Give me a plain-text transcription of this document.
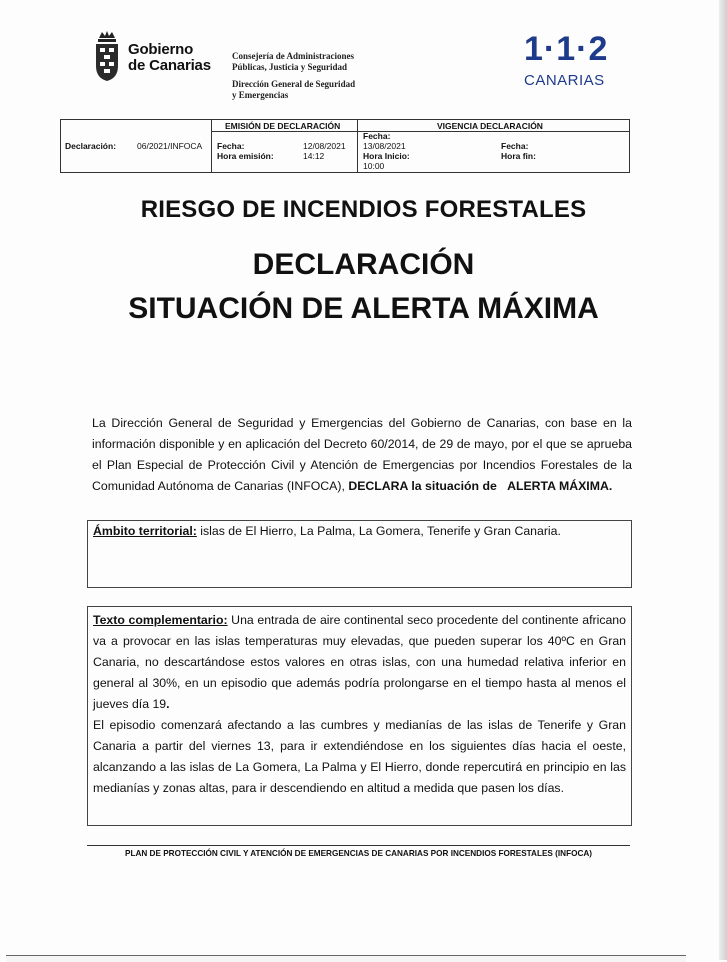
Gobierno
de Canarias
Consejería de Administraciones
Públicas, Justicia y Seguridad
Dirección General de Seguridad
y Emergencias
1·1·2
CANARIAS
Declaración: 06/2021/INFOCA
EMISIÓN DE DECLARACIÓN
Fecha:	12/08/2021
Hora emisión:	14:12
VIGENCIA DECLARACIÓN
Fecha:
13/08/2021
Hora Inicio:
10:00
Fecha:
Hora fin:
RIESGO DE INCENDIOS FORESTALES
DECLARACIÓN
SITUACIÓN DE ALERTA MÁXIMA
La Dirección General de Seguridad y Emergencias del Gobierno de Canarias, con base en la información disponible y en aplicación del Decreto 60/2014, de 29 de mayo, por el que se aprueba el Plan Especial de Protección Civil y Atención de Emergencias por Incendios Forestales de la Comunidad Autónoma de Canarias (INFOCA), DECLARA la situación de ALERTA MÁXIMA.
Ámbito territorial: islas de El Hierro, La Palma, La Gomera, Tenerife y Gran Canaria.

Texto complementario: Una entrada de aire continental seco procedente del continente africano va a provocar en las islas temperaturas muy elevadas, que pueden superar los 40ºC en Gran Canaria, no descartándose estos valores en otras islas, con una humedad relativa inferior en general al 30%, en un episodio que además podría prolongarse en el tiempo hasta al menos el jueves día 19.

El episodio comenzará afectando a las cumbres y medianías de las islas de Tenerife y Gran Canaria a partir del viernes 13, para ir extendiéndose en los siguientes días hacia el oeste, alcanzando a las islas de La Gomera, La Palma y El Hierro, donde repercutirá en principio en las medianías y zonas altas, para ir descendiendo en altitud a medida que pasen los días.

PLAN DE PROTECCIÓN CIVIL Y ATENCIÓN DE EMERGENCIAS DE CANARIAS POR INCENDIOS FORESTALES (INFOCA)
